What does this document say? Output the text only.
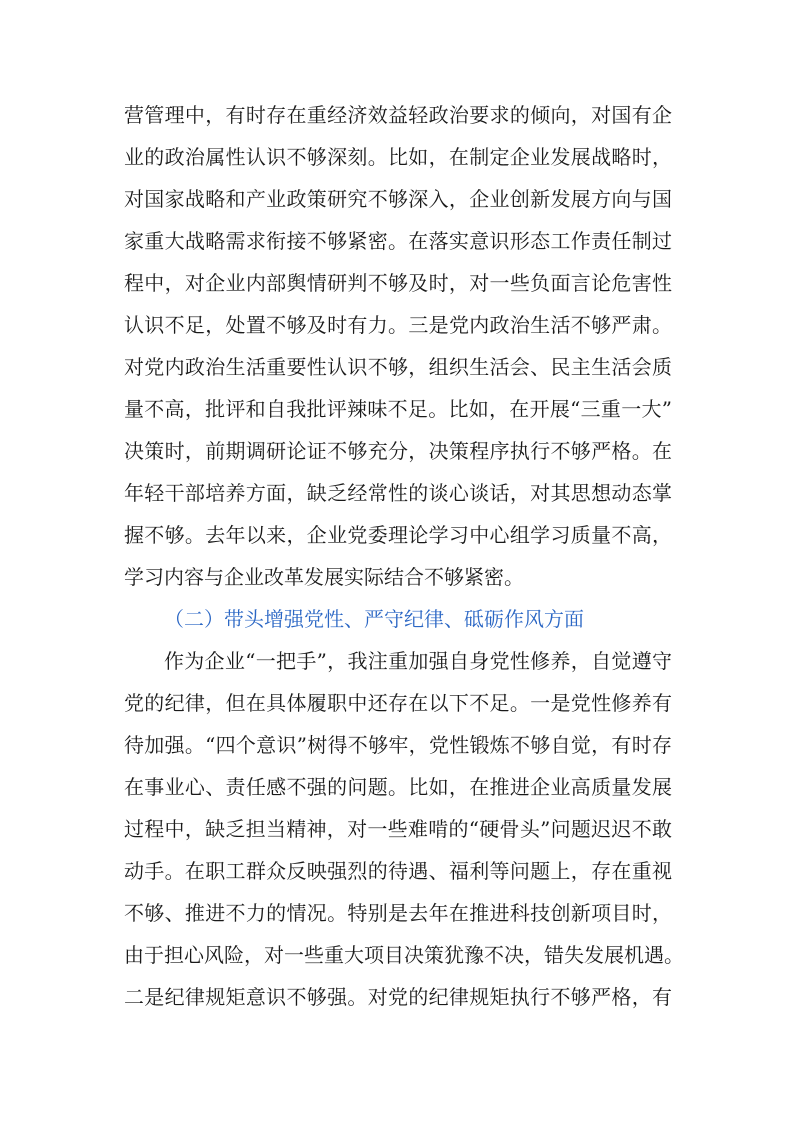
营管理中，有时存在重经济效益轻政治要求的倾向，对国有企
业的政治属性认识不够深刻。比如，在制定企业发展战略时，
对国家战略和产业政策研究不够深入，企业创新发展方向与国
家重大战略需求衔接不够紧密。在落实意识形态工作责任制过
程中，对企业内部舆情研判不够及时，对一些负面言论危害性
认识不足，处置不够及时有力。三是党内政治生活不够严肃。
对党内政治生活重要性认识不够，组织生活会、民主生活会质
量不高，批评和自我批评辣味不足。比如，在开展“三重一大”
决策时，前期调研论证不够充分，决策程序执行不够严格。在
年轻干部培养方面，缺乏经常性的谈心谈话，对其思想动态掌
握不够。去年以来，企业党委理论学习中心组学习质量不高，
学习内容与企业改革发展实际结合不够紧密。
（二）带头增强党性、严守纪律、砥砺作风方面
作为企业“一把手”，我注重加强自身党性修养，自觉遵守
党的纪律，但在具体履职中还存在以下不足。一是党性修养有
待加强。“四个意识”树得不够牢，党性锻炼不够自觉，有时存
在事业心、责任感不强的问题。比如，在推进企业高质量发展
过程中，缺乏担当精神，对一些难啃的“硬骨头”问题迟迟不敢
动手。在职工群众反映强烈的待遇、福利等问题上，存在重视
不够、推进不力的情况。特别是去年在推进科技创新项目时，
由于担心风险，对一些重大项目决策犹豫不决，错失发展机遇。
二是纪律规矩意识不够强。对党的纪律规矩执行不够严格，有
